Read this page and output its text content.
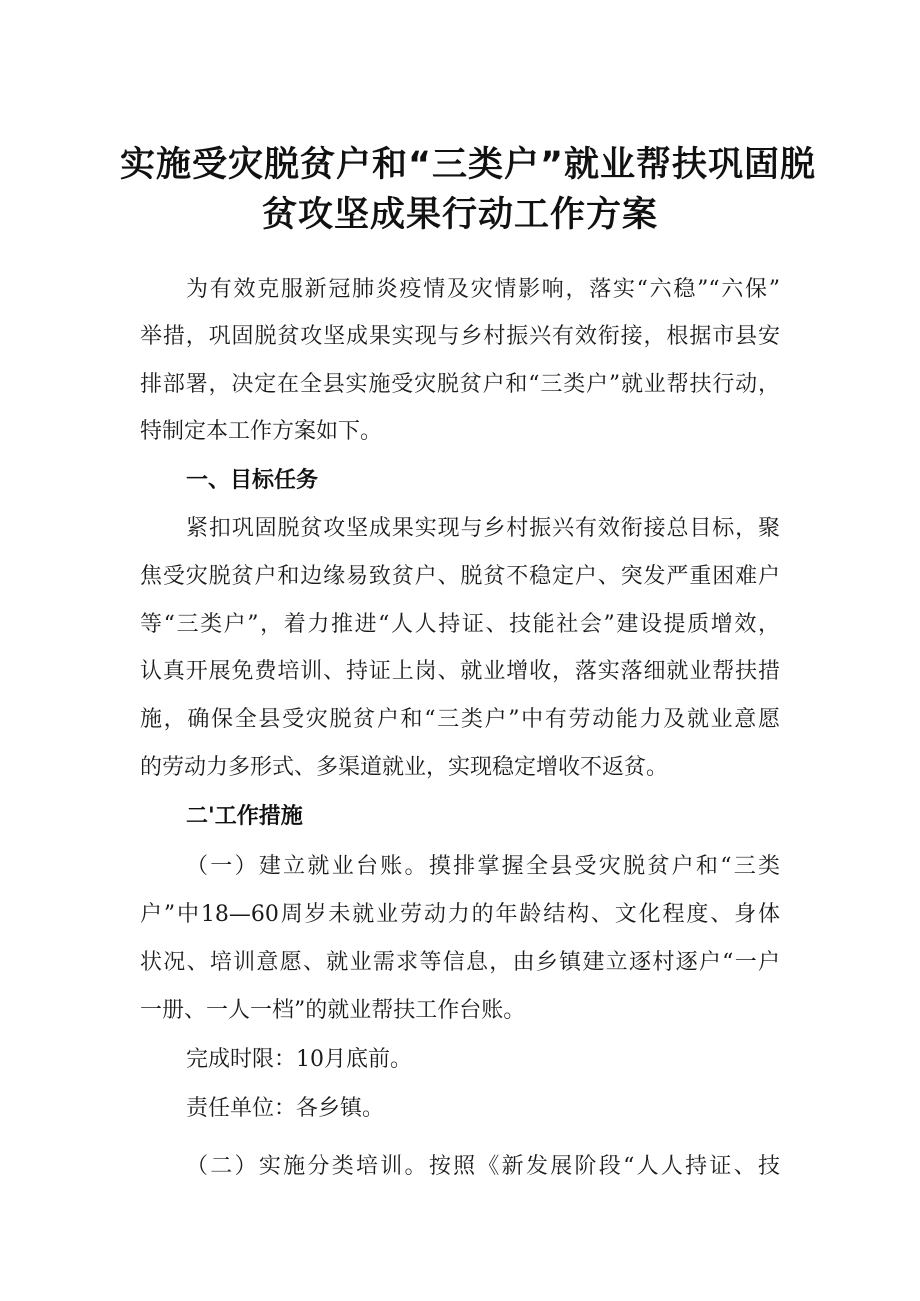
实施受灾脱贫户和“三类户”就业帮扶巩固脱
贫攻坚成果行动工作方案
为有效克服新冠肺炎疫情及灾情影响，落实“六稳”“六保”
举措，巩固脱贫攻坚成果实现与乡村振兴有效衔接，根据市县安
排部署，决定在全县实施受灾脱贫户和“三类户”就业帮扶行动，
特制定本工作方案如下。
一、目标任务
紧扣巩固脱贫攻坚成果实现与乡村振兴有效衔接总目标，聚
焦受灾脱贫户和边缘易致贫户、脱贫不稳定户、突发严重困难户
等“三类户”，着力推进“人人持证、技能社会”建设提质增效，
认真开展免费培训、持证上岗、就业增收，落实落细就业帮扶措
施，确保全县受灾脱贫户和“三类户”中有劳动能力及就业意愿
的劳动力多形式、多渠道就业，实现稳定增收不返贫。
二'工作措施
（一）建立就业台账。摸排掌握全县受灾脱贫户和“三类
户”中18—60周岁未就业劳动力的年龄结构、文化程度、身体
状况、培训意愿、就业需求等信息，由乡镇建立逐村逐户“一户
一册、一人一档”的就业帮扶工作台账。
完成时限：10月底前。
责任单位：各乡镇。
（二）实施分类培训。按照《新发展阶段“人人持证、技
